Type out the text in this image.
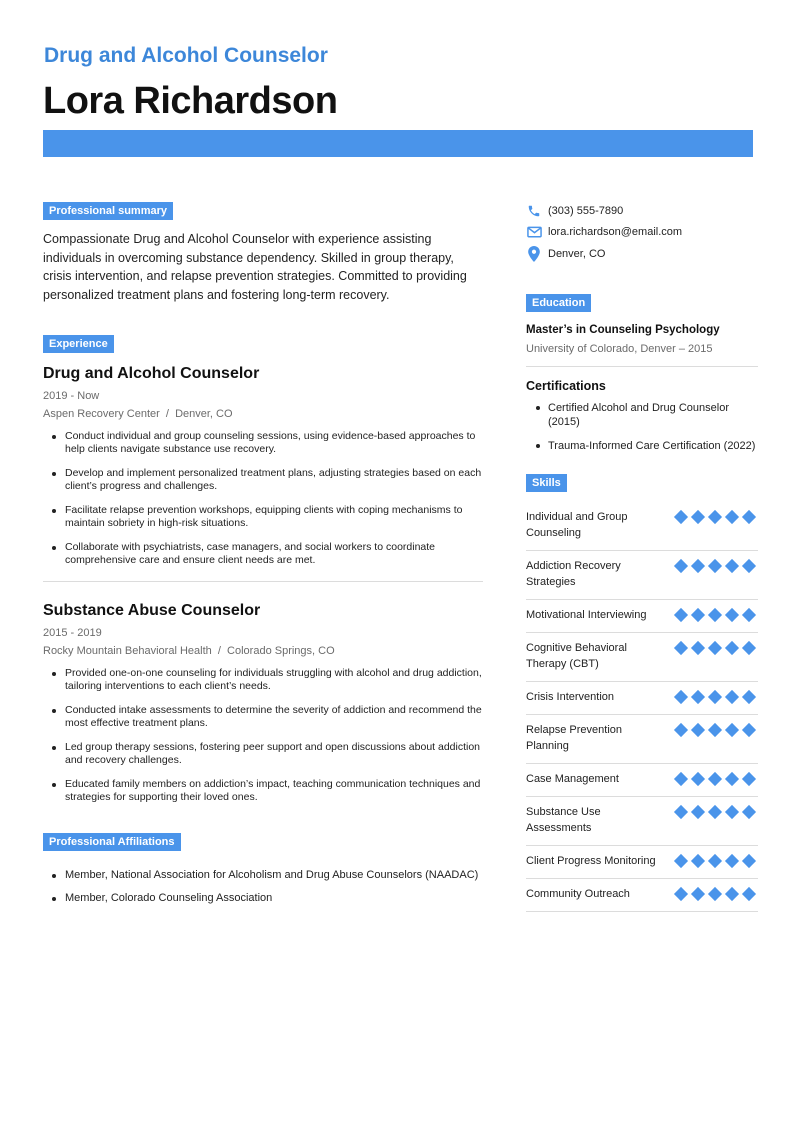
Drug and Alcohol Counselor
Lora Richardson
Professional summary

Compassionate Drug and Alcohol Counselor with experience assisting individuals in overcoming substance dependency. Skilled in group therapy, crisis intervention, and relapse prevention strategies. Committed to providing personalized treatment plans and fostering long-term recovery.

Experience
Drug and Alcohol Counselor
2019 - Now
Aspen Recovery Center  /  Denver, CO
Conduct individual and group counseling sessions, using evidence-based approaches to help clients navigate substance use recovery.
Develop and implement personalized treatment plans, adjusting strategies based on each client’s progress and challenges.
Facilitate relapse prevention workshops, equipping clients with coping mechanisms to maintain sobriety in high-risk situations.
Collaborate with psychiatrists, case managers, and social workers to coordinate comprehensive care and ensure client needs are met.
Substance Abuse Counselor
2015 - 2019
Rocky Mountain Behavioral Health  /  Colorado Springs, CO
Provided one-on-one counseling for individuals struggling with alcohol and drug addiction, tailoring interventions to each client’s needs.
Conducted intake assessments to determine the severity of addiction and recommend the most effective treatment plans.
Led group therapy sessions, fostering peer support and open discussions about addiction and recovery challenges.
Educated family members on addiction’s impact, teaching communication techniques and strategies for supporting their loved ones.
Professional Affiliations
Member, National Association for Alcoholism and Drug Abuse Counselors (NAADAC)
Member, Colorado Counseling Association
(303) 555-7890
lora.richardson@email.com
Denver, CO
Education
Master’s in Counseling Psychology
University of Colorado, Denver – 2015
Certifications
Certified Alcohol and Drug Counselor (2015)
Trauma-Informed Care Certification (2022)
Skills
Individual and Group Counseling
Addiction Recovery Strategies
Motivational Interviewing
Cognitive Behavioral Therapy (CBT)
Crisis Intervention
Relapse Prevention Planning
Case Management
Substance Use Assessments
Client Progress Monitoring
Community Outreach
